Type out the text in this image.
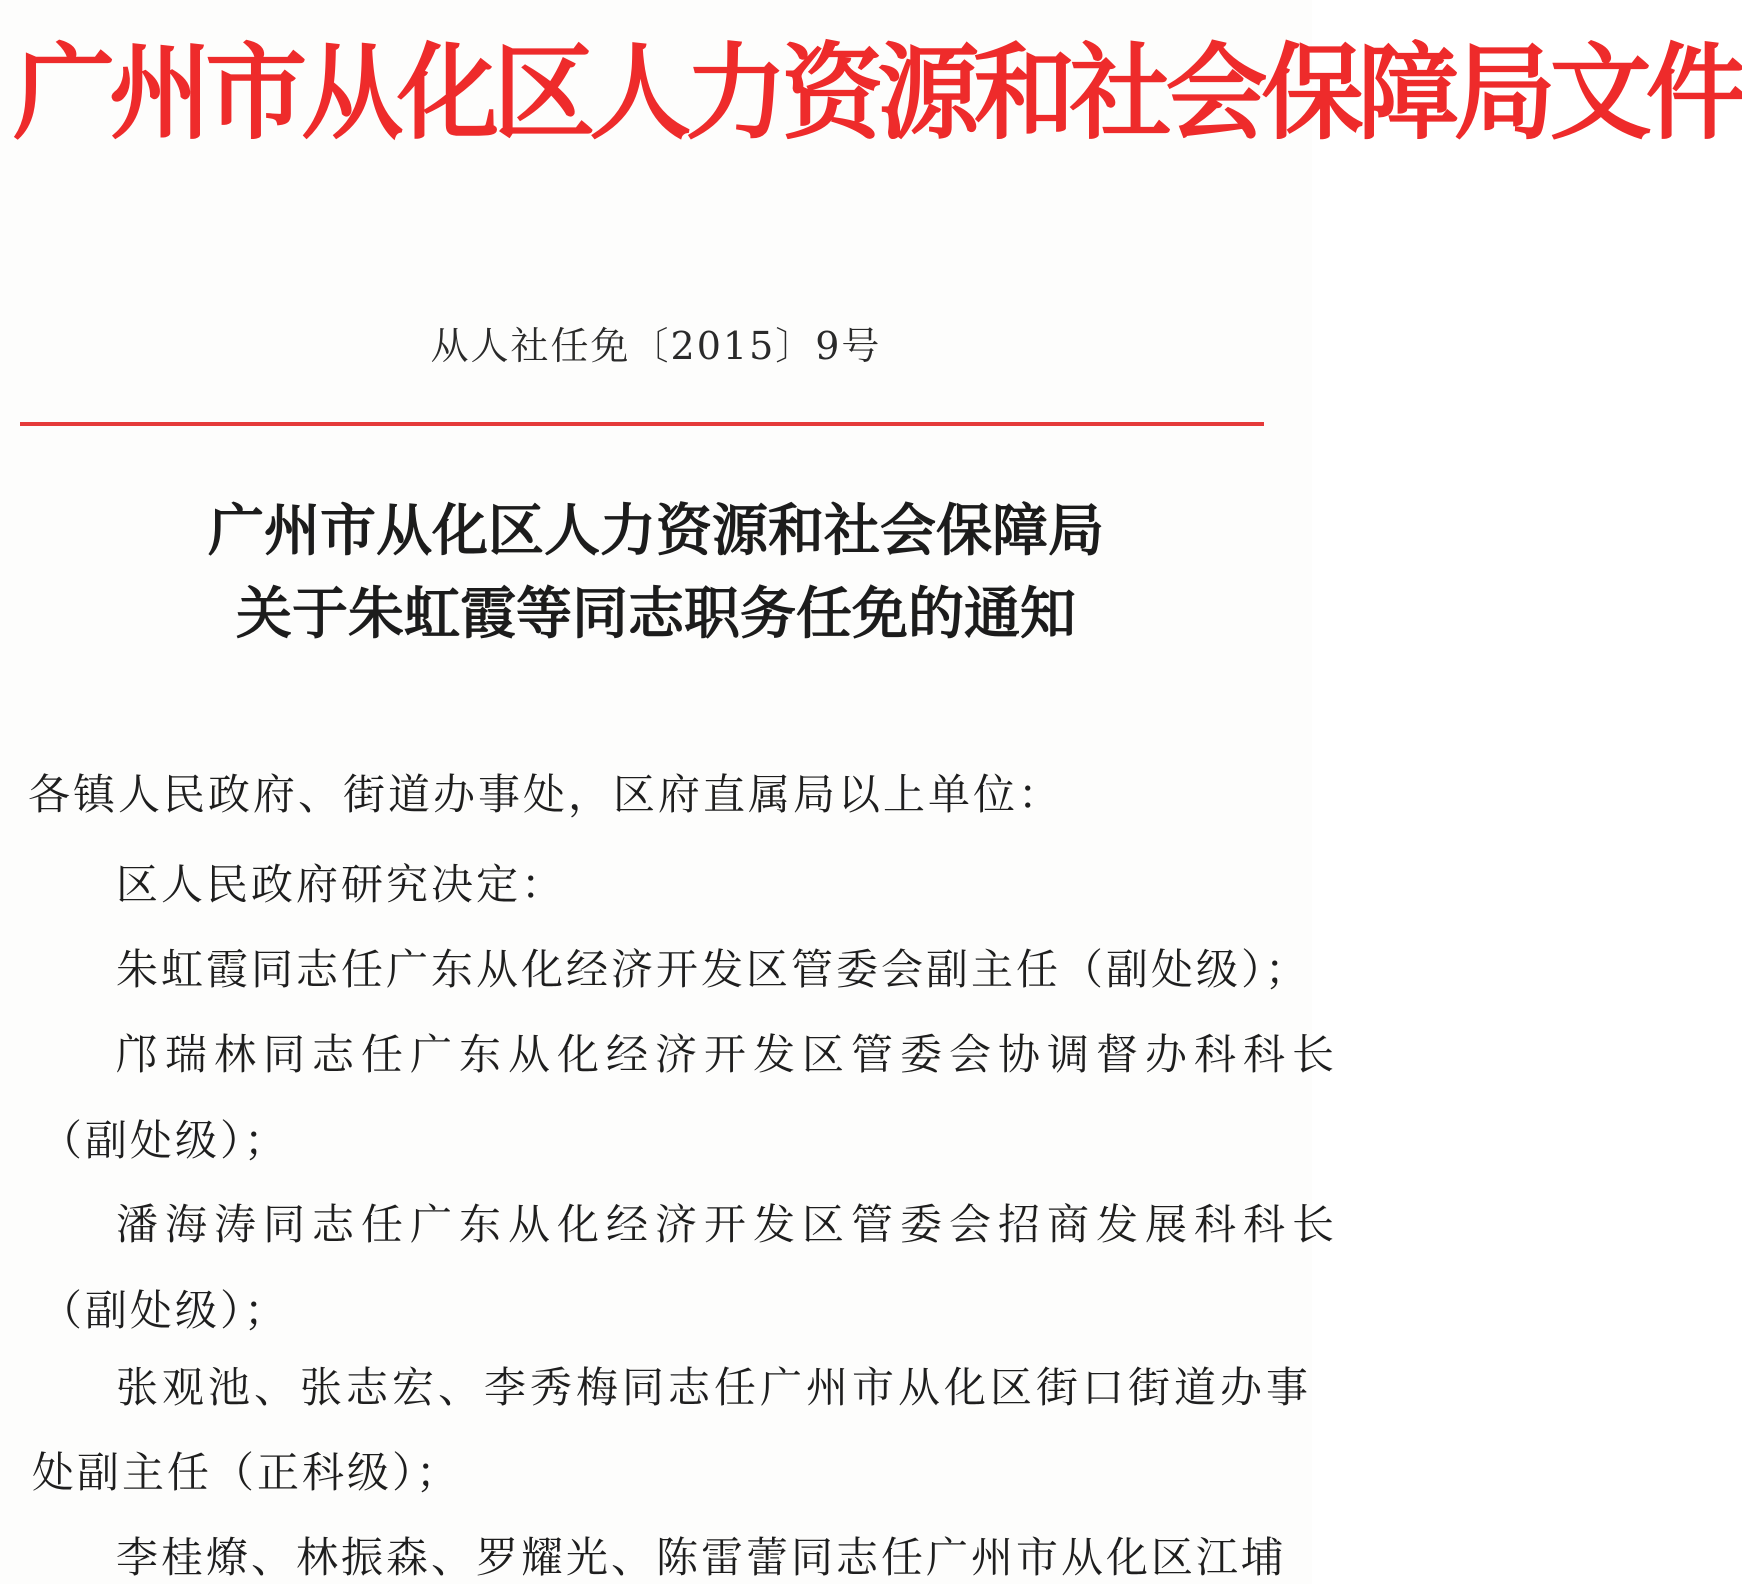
广州市从化区人力资源和社会保障局文件
从人社任免〔2015〕9号
广州市从化区人力资源和社会保障局
关于朱虹霞等同志职务任免的通知
各镇人民政府、街道办事处，区府直属局以上单位：
区人民政府研究决定：
朱虹霞同志任广东从化经济开发区管委会副主任（副处级）；
邝瑞林同志任广东从化经济开发区管委会协调督办科科长
（副处级）；
潘海涛同志任广东从化经济开发区管委会招商发展科科长
（副处级）；
张观池、张志宏、李秀梅同志任广州市从化区街口街道办事
处副主任（正科级）；
李桂燎、林振森、罗耀光、陈雷蕾同志任广州市从化区江埔
